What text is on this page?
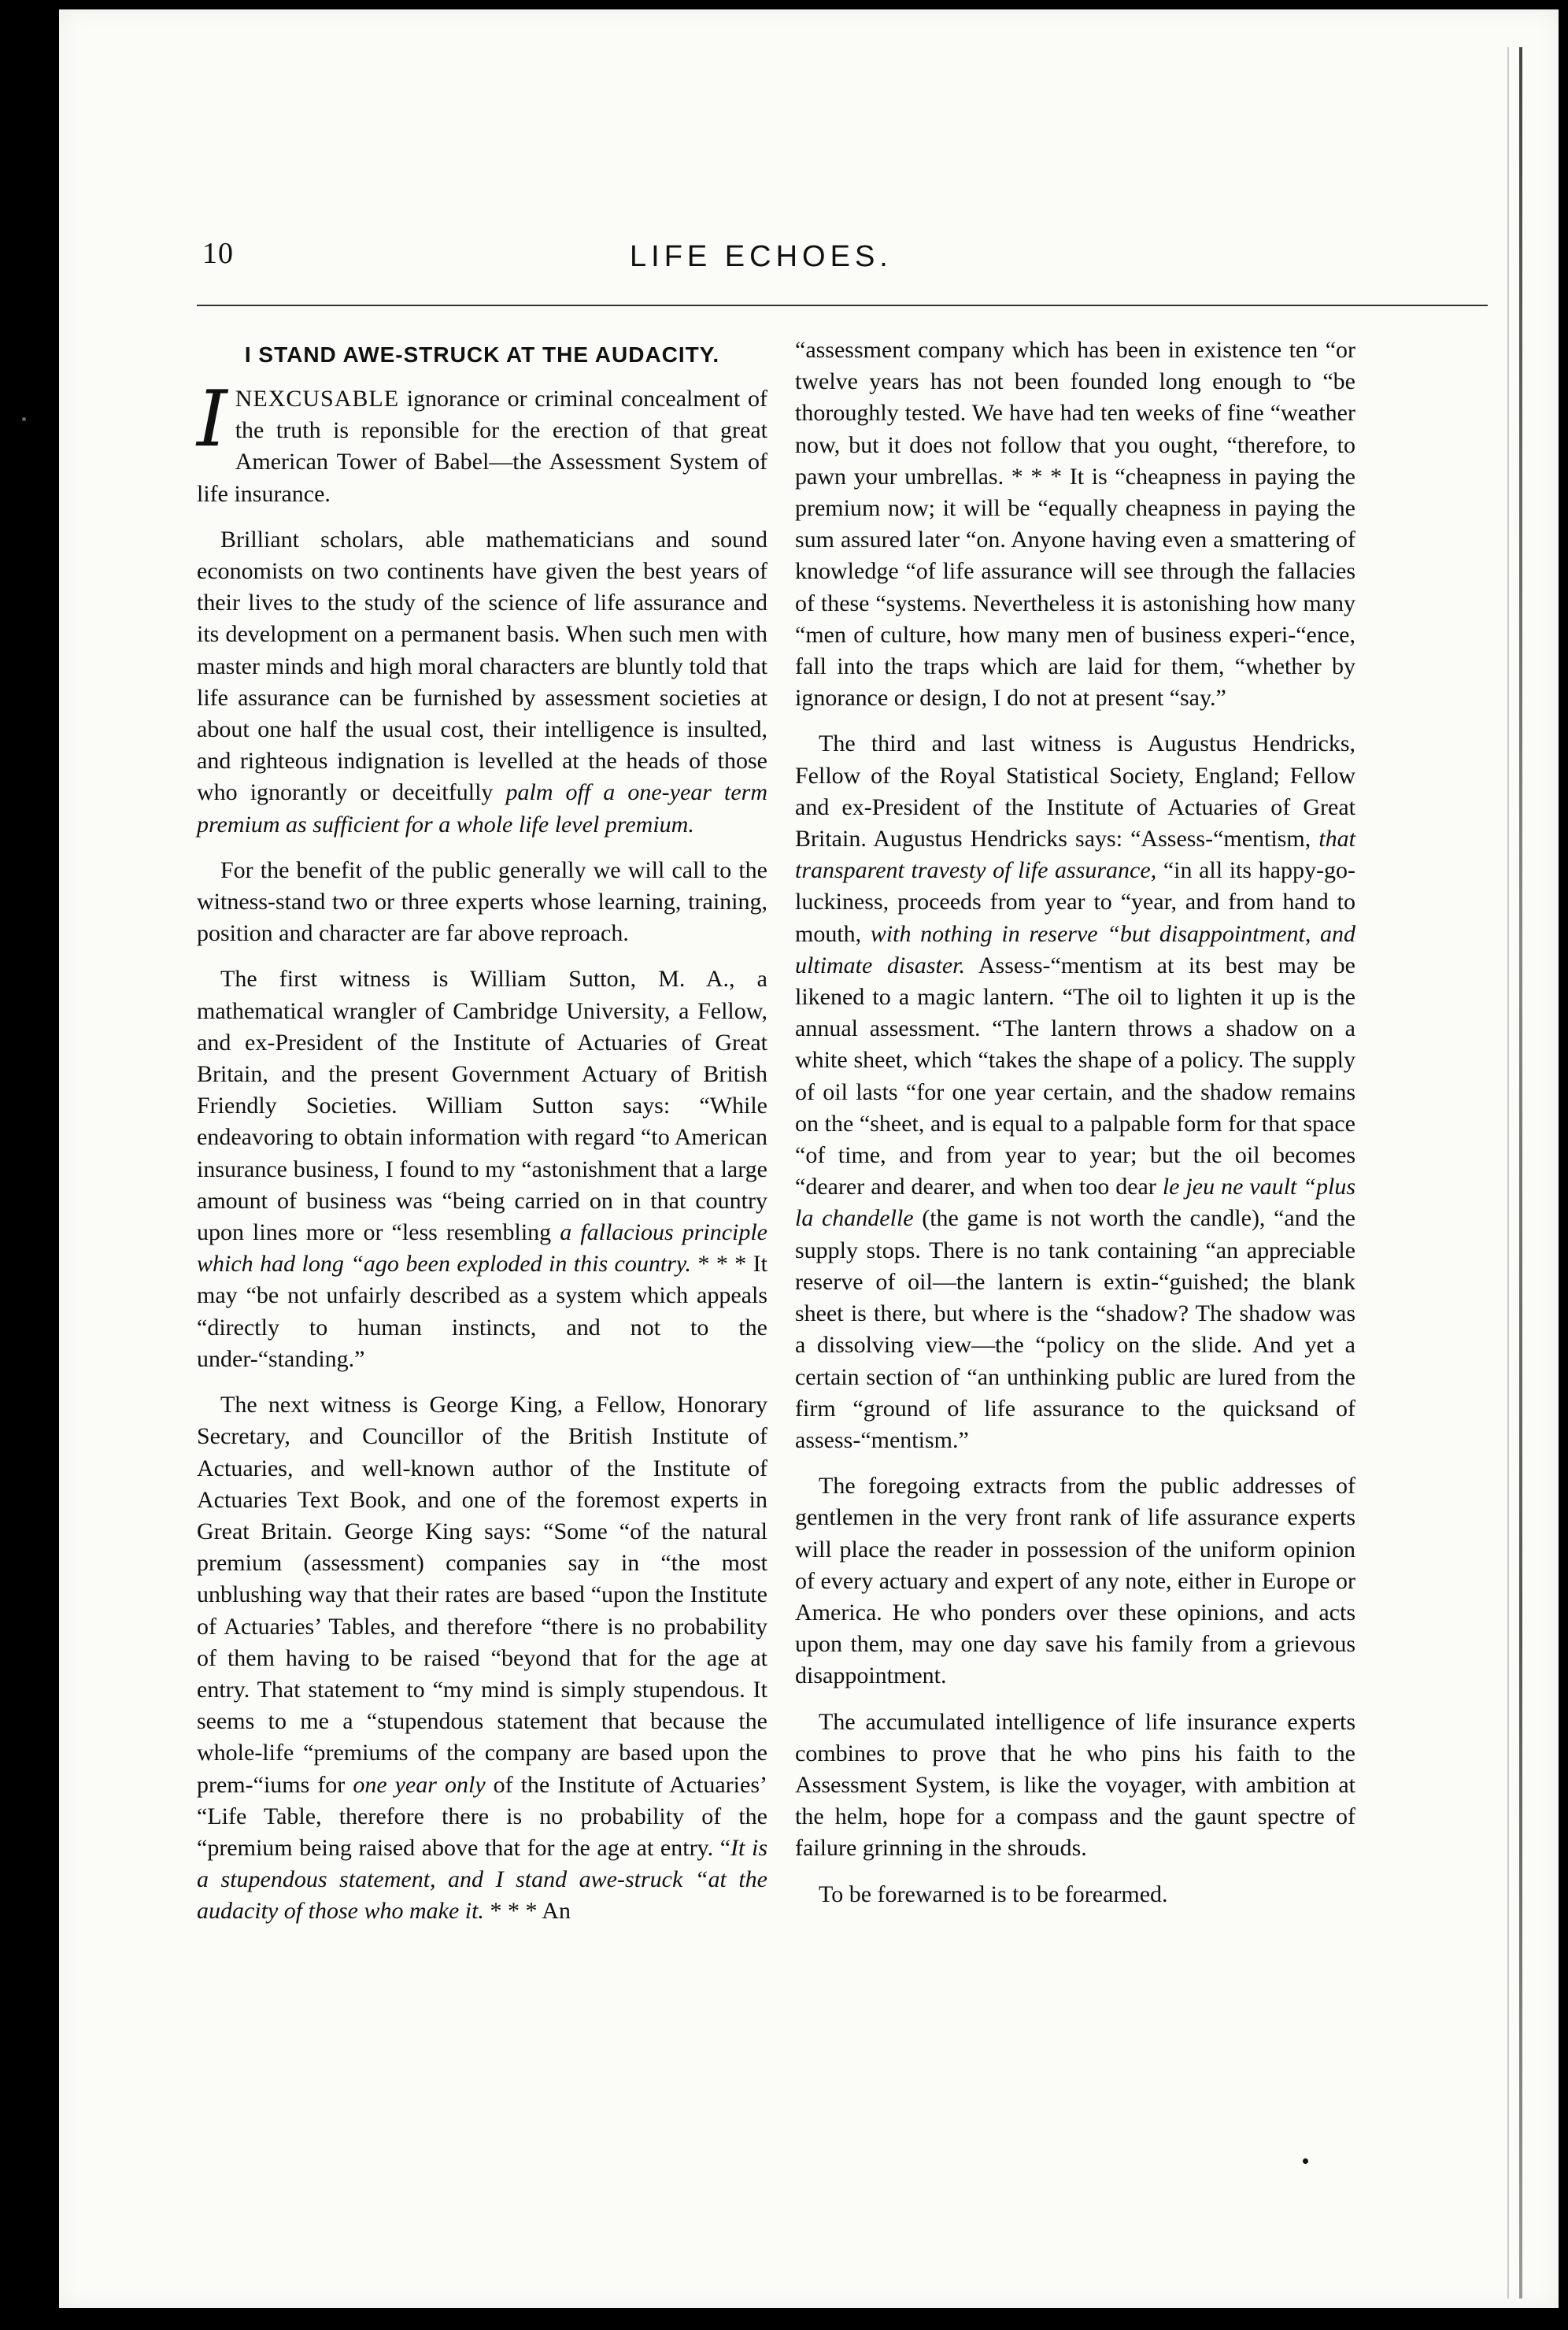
10	LIFE ECHOES.
I STAND AWE-STRUCK AT THE AUDACITY.

INEXCUSABLE ignorance or criminal concealment of the truth is reponsible for the erection of that great American Tower of Babel—the Assessment System of life insurance.

Brilliant scholars, able mathematicians and sound economists on two continents have given the best years of their lives to the study of the science of life assurance and its development on a permanent basis. When such men with master minds and high moral characters are bluntly told that life assurance can be furnished by assessment societies at about one half the usual cost, their intelligence is insulted, and righteous indignation is levelled at the heads of those who ignorantly or deceitfully palm off a one-year term premium as sufficient for a whole life level premium.

For the benefit of the public generally we will call to the witness-stand two or three experts whose learning, training, position and character are far above reproach.

The first witness is William Sutton, M. A., a mathematical wrangler of Cambridge University, a Fellow, and ex-President of the Institute of Actuaries of Great Britain, and the present Government Actuary of British Friendly Societies. William Sutton says: “While endeavoring to obtain information with regard “to American insurance business, I found to my “astonishment that a large amount of business was “being carried on in that country upon lines more or “less resembling a fallacious principle which had long “ago been exploded in this country. * * * It may “be not unfairly described as a system which appeals “directly to human instincts, and not to the under-“standing.”

The next witness is George King, a Fellow, Honorary Secretary, and Councillor of the British Institute of Actuaries, and well-known author of the Institute of Actuaries Text Book, and one of the foremost experts in Great Britain. George King says: “Some “of the natural premium (assessment) companies say in “the most unblushing way that their rates are based “upon the Institute of Actuaries’ Tables, and therefore “there is no probability of them having to be raised “beyond that for the age at entry. That statement to “my mind is simply stupendous. It seems to me a “stupendous statement that because the whole-life “premiums of the company are based upon the prem-“iums for one year only of the Institute of Actuaries’ “Life Table, therefore there is no probability of the “premium being raised above that for the age at entry. “It is a stupendous statement, and I stand awe-struck “at the audacity of those who make it. * * * An

“assessment company which has been in existence ten “or twelve years has not been founded long enough to “be thoroughly tested. We have had ten weeks of fine “weather now, but it does not follow that you ought, “therefore, to pawn your umbrellas. * * * It is “cheapness in paying the premium now; it will be “equally cheapness in paying the sum assured later “on. Anyone having even a smattering of knowledge “of life assurance will see through the fallacies of these “systems. Nevertheless it is astonishing how many “men of culture, how many men of business experi-“ence, fall into the traps which are laid for them, “whether by ignorance or design, I do not at present “say.”

The third and last witness is Augustus Hendricks, Fellow of the Royal Statistical Society, England; Fellow and ex-President of the Institute of Actuaries of Great Britain. Augustus Hendricks says: “Assess-“mentism, that transparent travesty of life assurance, “in all its happy-go-luckiness, proceeds from year to “year, and from hand to mouth, with nothing in reserve “but disappointment, and ultimate disaster. Assess-“mentism at its best may be likened to a magic lantern. “The oil to lighten it up is the annual assessment. “The lantern throws a shadow on a white sheet, which “takes the shape of a policy. The supply of oil lasts “for one year certain, and the shadow remains on the “sheet, and is equal to a palpable form for that space “of time, and from year to year; but the oil becomes “dearer and dearer, and when too dear le jeu ne vault “plus la chandelle (the game is not worth the candle), “and the supply stops. There is no tank containing “an appreciable reserve of oil—the lantern is extin-“guished; the blank sheet is there, but where is the “shadow? The shadow was a dissolving view—the “policy on the slide. And yet a certain section of “an unthinking public are lured from the firm “ground of life assurance to the quicksand of assess-“mentism.”

The foregoing extracts from the public addresses of gentlemen in the very front rank of life assurance experts will place the reader in possession of the uniform opinion of every actuary and expert of any note, either in Europe or America. He who ponders over these opinions, and acts upon them, may one day save his family from a grievous disappointment.

The accumulated intelligence of life insurance experts combines to prove that he who pins his faith to the Assessment System, is like the voyager, with ambition at the helm, hope for a compass and the gaunt spectre of failure grinning in the shrouds.

To be forewarned is to be forearmed.
